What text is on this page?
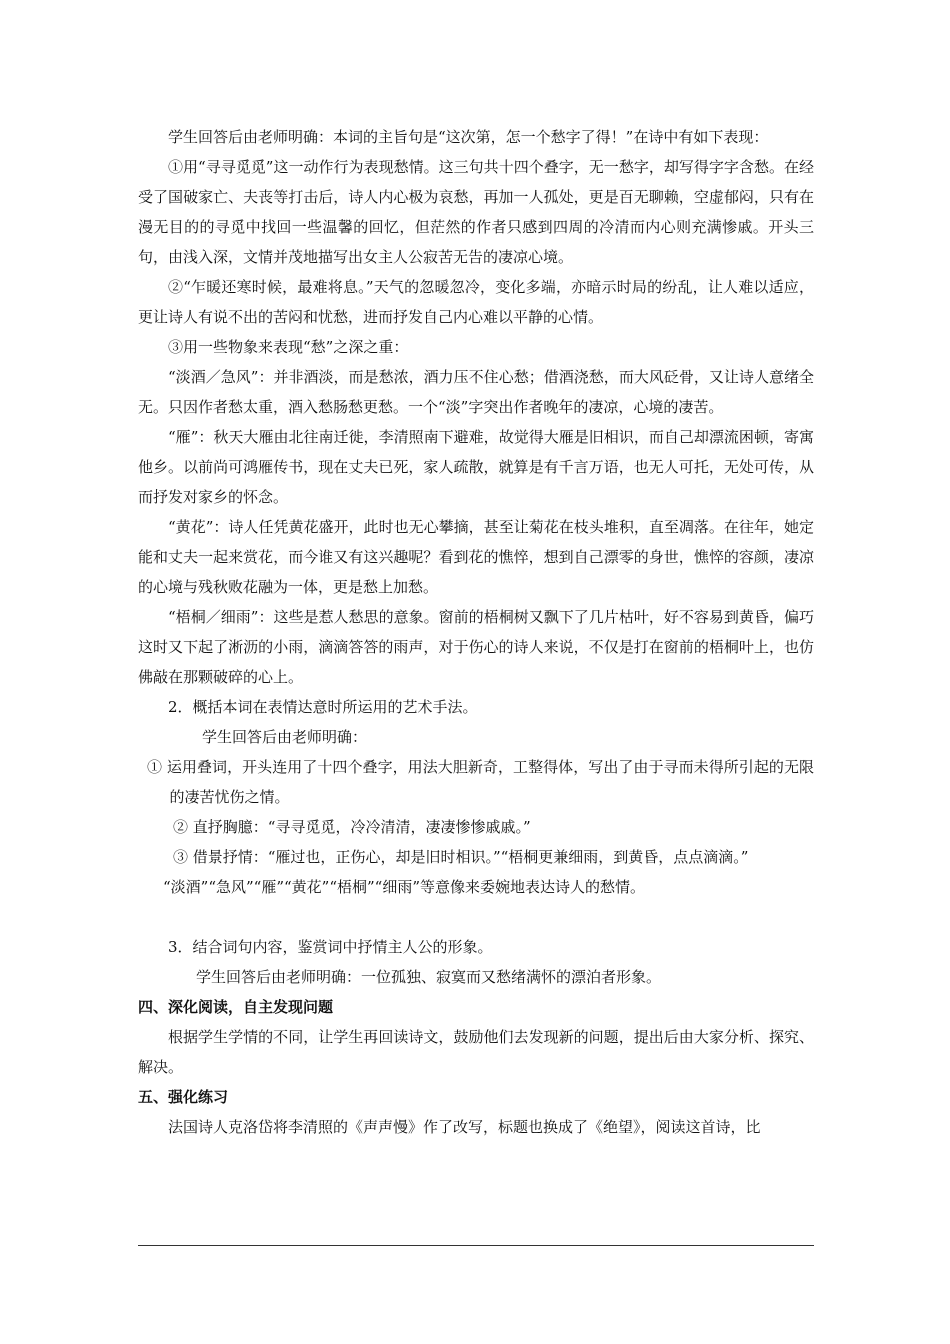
学生回答后由老师明确：本词的主旨句是“这次第，怎一个愁字了得！”在诗中有如下表现：

①用“寻寻觅觅”这一动作行为表现愁情。这三句共十四个叠字，无一愁字，却写得字字含愁。在经受了国破家亡、夫丧等打击后，诗人内心极为哀愁，再加一人孤处，更是百无聊赖，空虚郁闷，只有在漫无目的的寻觅中找回一些温馨的回忆，但茫然的作者只感到四周的冷清而内心则充满惨戚。开头三句，由浅入深，文情并茂地描写出女主人公寂苦无告的凄凉心境。

②“乍暖还寒时候，最难将息。”天气的忽暖忽冷，变化多端，亦暗示时局的纷乱，让人难以适应，更让诗人有说不出的苦闷和忧愁，进而抒发自己内心难以平静的心情。

③用一些物象来表现“愁”之深之重：

“淡酒／急风”：并非酒淡，而是愁浓，酒力压不住心愁；借酒浇愁，而大风砭骨，又让诗人意绪全无。只因作者愁太重，酒入愁肠愁更愁。一个“淡”字突出作者晚年的凄凉，心境的凄苦。

“雁”：秋天大雁由北往南迁徙，李清照南下避难，故觉得大雁是旧相识，而自己却漂流困顿，寄寓他乡。以前尚可鸿雁传书，现在丈夫已死，家人疏散，就算是有千言万语，也无人可托，无处可传，从而抒发对家乡的怀念。

“黄花”：诗人任凭黄花盛开，此时也无心攀摘，甚至让菊花在枝头堆积，直至凋落。在往年，她定能和丈夫一起来赏花，而今谁又有这兴趣呢？看到花的憔悴，想到自己漂零的身世，憔悴的容颜，凄凉的心境与残秋败花融为一体，更是愁上加愁。

“梧桐／细雨”：这些是惹人愁思的意象。窗前的梧桐树又飘下了几片枯叶，好不容易到黄昏，偏巧这时又下起了淅沥的小雨，滴滴答答的雨声，对于伤心的诗人来说，不仅是打在窗前的梧桐叶上，也仿佛敲在那颗破碎的心上。

2．概括本词在表情达意时所运用的艺术手法。

学生回答后由老师明确：

① 运用叠词，开头连用了十四个叠字，用法大胆新奇，工整得体，写出了由于寻而未得所引起的无限的凄苦忧伤之情。

② 直抒胸臆：“寻寻觅觅，冷冷清清，凄凄惨惨戚戚。”

③ 借景抒情：“雁过也，正伤心，却是旧时相识。”“梧桐更兼细雨，到黄昏，点点滴滴。”

“淡酒”“急风”“雁”“黄花”“梧桐”“细雨”等意像来委婉地表达诗人的愁情。

3．结合词句内容，鉴赏词中抒情主人公的形象。

学生回答后由老师明确：一位孤独、寂寞而又愁绪满怀的漂泊者形象。

四、深化阅读，自主发现问题

根据学生学情的不同，让学生再回读诗文，鼓励他们去发现新的问题，提出后由大家分析、探究、解决。

五、强化练习

法国诗人克洛岱将李清照的《声声慢》作了改写，标题也换成了《绝望》，阅读这首诗，比
